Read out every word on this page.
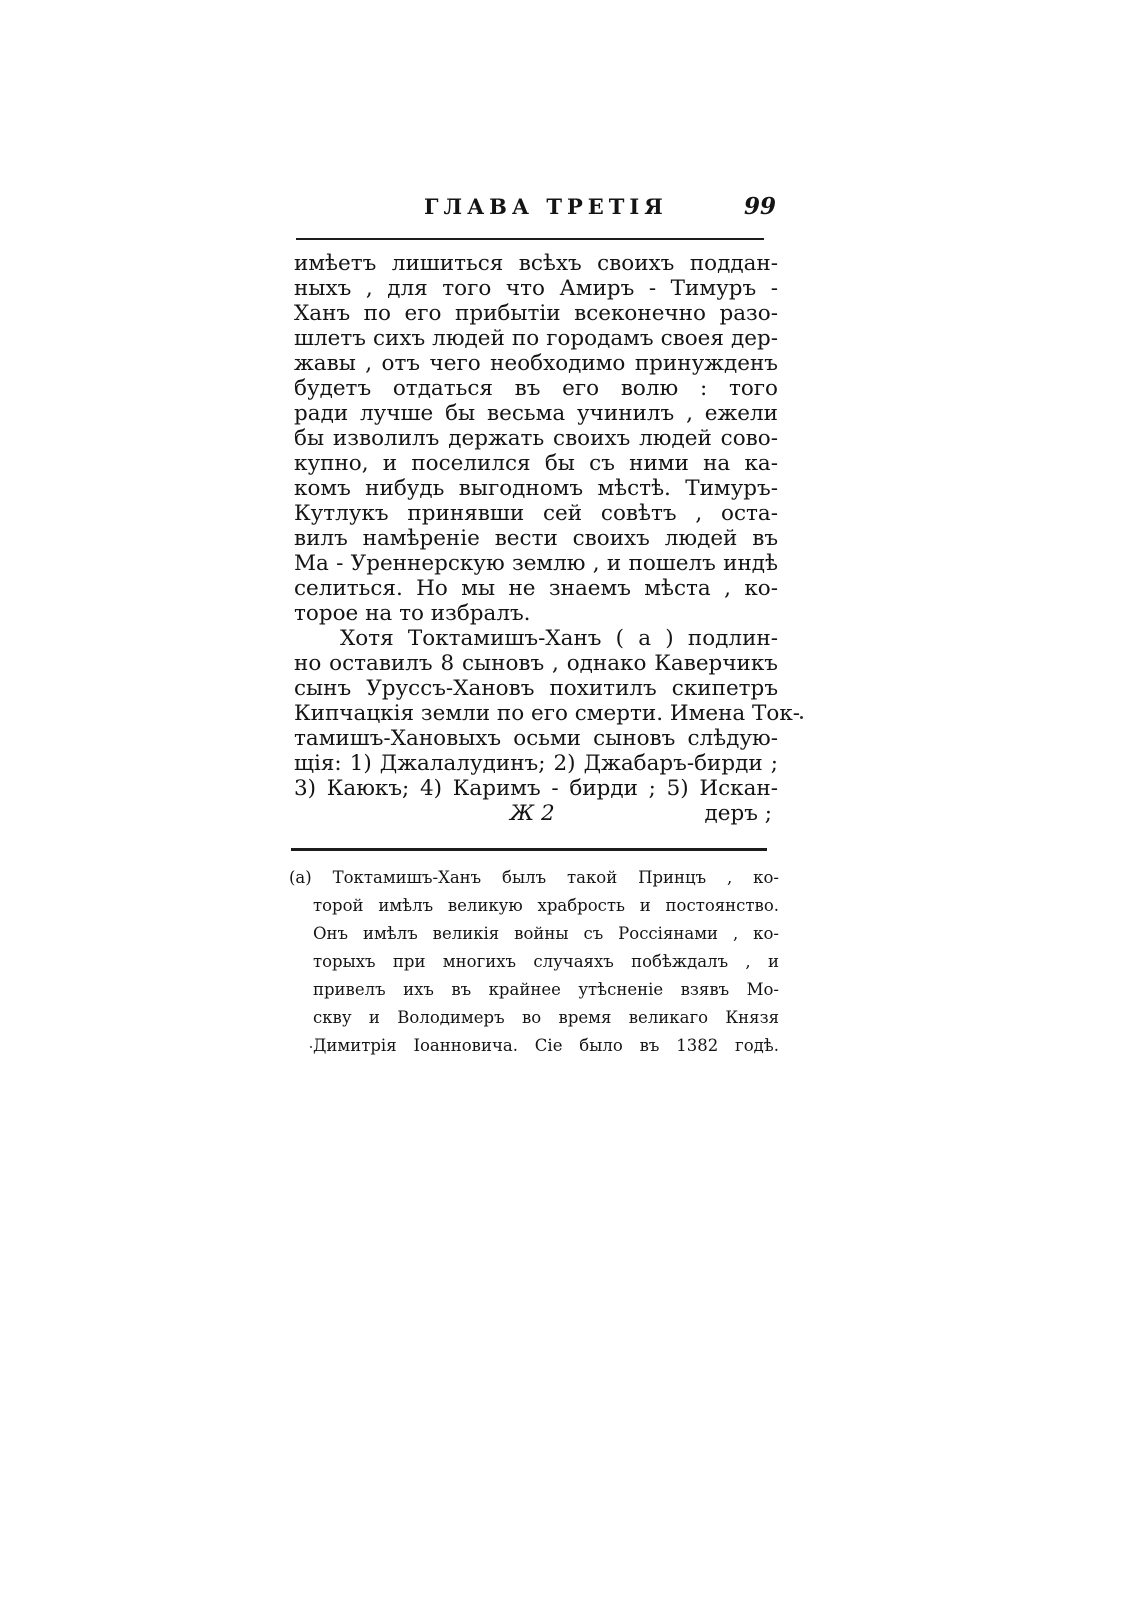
ГЛАВА ТРЕТІЯ	99
имѣетъ лишиться всѣхъ своихъ поддан-
ныхъ , для того что Амиръ - Тимуръ -
Ханъ по его прибытіи всеконечно разо-
шлетъ сихъ людей по городамъ своея дер-
жавы , отъ чего необходимо принужденъ
будетъ отдаться въ его волю : того
ради лучше бы весьма учинилъ , ежели
бы изволилъ держать своихъ людей сово-
купно, и поселился бы съ ними на ка-
комъ нибудь выгодномъ мѣстѣ. Тимуръ-
Кутлукъ принявши сей совѣтъ , оста-
вилъ намѣреніе вести своихъ людей въ
Ма - Уреннерскую землю , и пошелъ индѣ
селиться. Но мы не знаемъ мѣста , ко-
торое на то избралъ.
Хотя Токтамишъ-Ханъ ( а ) подлин-
но оставилъ 8 сыновъ , однако Каверчикъ
сынъ Уруссъ-Хановъ похитилъ скипетръ
Кипчацкія земли по его смерти. Имена Ток-
тамишъ-Хановыхъ осьми сыновъ слѣдую-
щія: 1) Джалалудинъ; 2) Джабаръ-бирди ;
3) Каюкъ; 4) Каримъ - бирди ; 5) Искан-
Ж 2	деръ ;
(а) Токтамишъ-Ханъ былъ такой Принцъ , ко-
торой имѣлъ великую храбрость и постоянство.
Онъ имѣлъ великія войны съ Россіянами , ко-
торыхъ при многихъ случаяхъ побѣждалъ , и
привелъ ихъ въ крайнее утѣсненіе взявъ Мо-
скву и Володимеръ во время великаго Князя
Димитрія Іоанновича. Сіе было въ 1382 годѣ.
